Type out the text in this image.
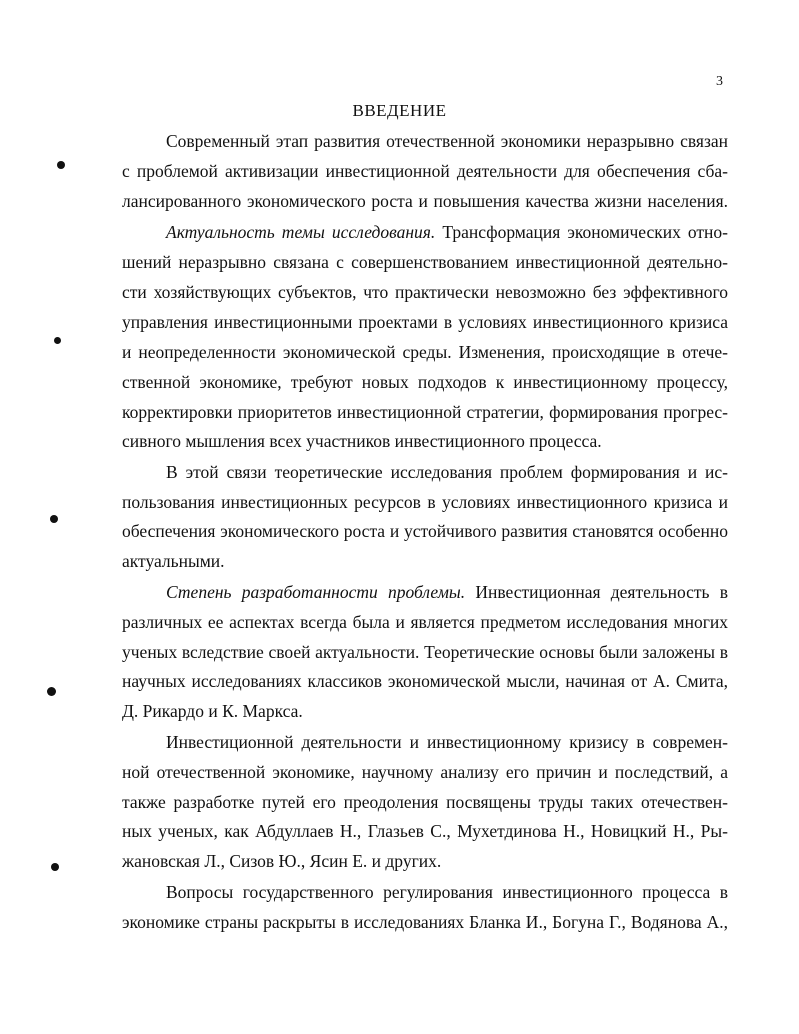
3
ВВЕДЕНИЕ
Современный этап развития отечественной экономики неразрывно связан
с проблемой активизации инвестиционной деятельности для обеспечения сба-
лансированного экономического роста и повышения качества жизни населения.
Актуальность темы исследования. Трансформация экономических отно-
шений неразрывно связана с совершенствованием инвестиционной деятельно-
сти хозяйствующих субъектов, что практически невозможно без эффективного
управления инвестиционными проектами в условиях инвестиционного кризиса
и неопределенности экономической среды. Изменения, происходящие в отече-
ственной экономике, требуют новых подходов к инвестиционному процессу,
корректировки приоритетов инвестиционной стратегии, формирования прогрес-
сивного мышления всех участников инвестиционного процесса.
В этой связи теоретические исследования проблем формирования и ис-
пользования инвестиционных ресурсов в условиях инвестиционного кризиса и
обеспечения экономического роста и устойчивого развития становятся особенно
актуальными.
Степень разработанности проблемы. Инвестиционная деятельность в
различных ее аспектах всегда была и является предметом исследования многих
ученых вследствие своей актуальности. Теоретические основы были заложены в
научных исследованиях классиков экономической мысли, начиная от А. Смита,
Д. Рикардо и К. Маркса.
Инвестиционной деятельности и инвестиционному кризису в современ-
ной отечественной экономике, научному анализу его причин и последствий, а
также разработке путей его преодоления посвящены труды таких отечествен-
ных ученых, как Абдуллаев Н., Глазьев С., Мухетдинова Н., Новицкий Н., Ры-
жановская Л., Сизов Ю., Ясин Е. и других.
Вопросы государственного регулирования инвестиционного процесса в
экономике страны раскрыты в исследованиях Бланка И., Богуна Г., Водянова А.,
